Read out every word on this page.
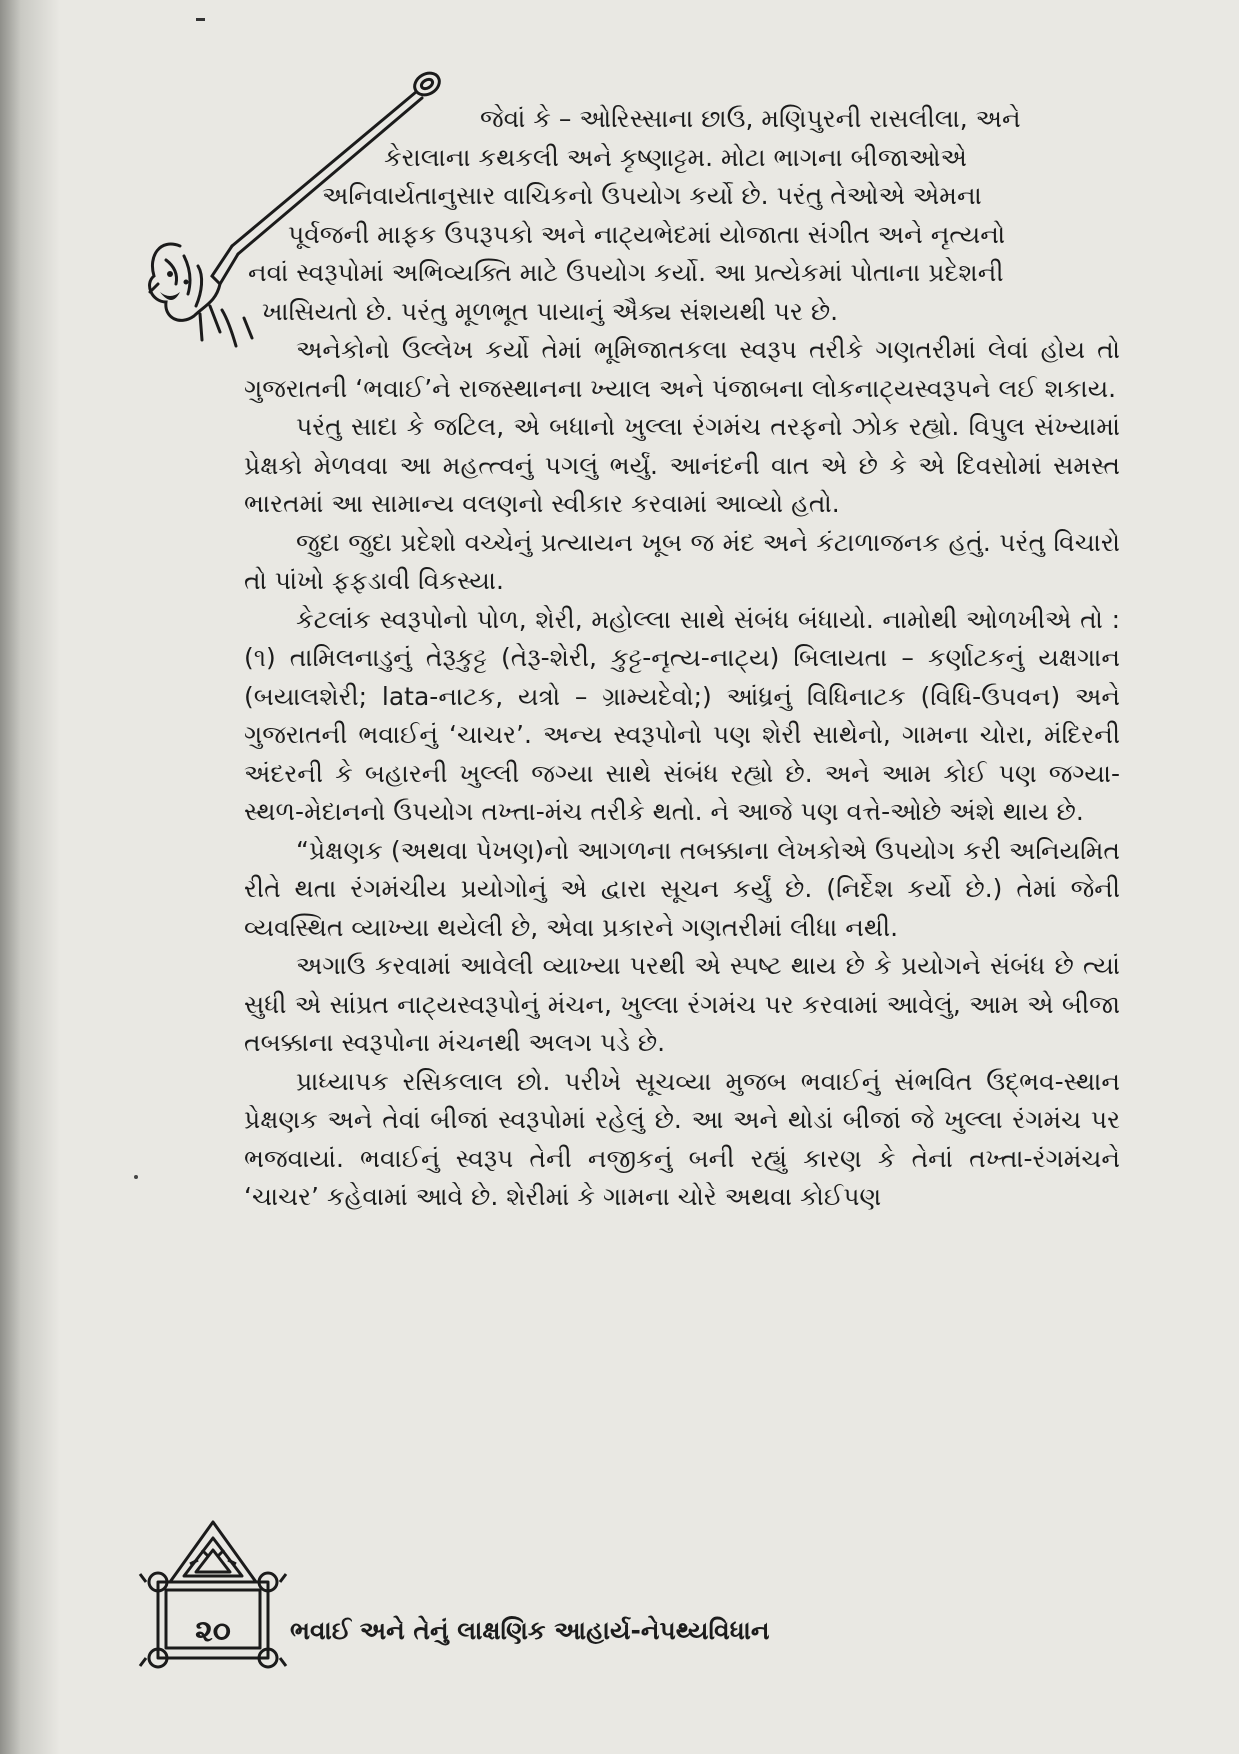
જેવાં કે – ઓરિસ્સાના છાઉ, મણિપુરની રાસલીલા, અને

કેરાલાના કથકલી અને કૃષ્ણાટ્ટમ. મોટા ભાગના બીજાઓએ

અનિવાર્યતાનુસાર વાચિકનો ઉપયોગ કર્યો છે. પરંતુ તેઓએ એમના

પૂર્વજની માફક ઉપરૂપકો અને નાટ્યભેદમાં યોજાતા સંગીત અને નૃત્યનો

નવાં સ્વરૂપોમાં અભિવ્યક્તિ માટે ઉપયોગ કર્યો. આ પ્રત્યેકમાં પોતાના પ્રદેશની

ખાસિયતો છે. પરંતુ મૂળભૂત પાયાનું ઐક્ય સંશયથી પર છે.

અનેકોનો ઉલ્લેખ કર્યો તેમાં ભૂમિજાતકલા સ્વરૂપ તરીકે ગણતરીમાં લેવાં હોય તો ગુજરાતની ‘ભવાઈ’ને રાજસ્થાનના ખ્યાલ અને પંજાબના લોકનાટ્યસ્વરૂપને લઈ શકાય.

પરંતુ સાદા કે જટિલ, એ બધાનો ખુલ્લા રંગમંચ તરફનો ઝોક રહ્યો. વિપુલ સંખ્યામાં પ્રેક્ષકો મેળવવા આ મહત્ત્વનું પગલું ભર્યું. આનંદની વાત એ છે કે એ દિવસોમાં સમસ્ત ભારતમાં આ સામાન્ય વલણનો સ્વીકાર કરવામાં આવ્યો હતો.

જુદા જુદા પ્રદેશો વચ્ચેનું પ્રત્યાયન ખૂબ જ મંદ અને કંટાળાજનક હતું. પરંતુ વિચારો તો પાંખો ફફડાવી વિકસ્યા.

કેટલાંક સ્વરૂપોનો પોળ, શેરી, મહોલ્લા સાથે સંબંધ બંધાયો. નામોથી ઓળખીએ તો : (૧) તામિલનાડુનું તેરૂકુટ્ટ (તેરૂ-શેરી, કુટ્ટ-નૃત્ય-નાટ્ય) બિલાયતા – કર્ણાટકનું યક્ષગાન (બયાલશેરી; lata-નાટક, યત્રો – ગ્રામ્યદેવો;) આંધ્રનું વિધિનાટક (વિધિ-ઉપવન) અને ગુજરાતની ભવાઈનું ‘ચાચર’. અન્ય સ્વરૂપોનો પણ શેરી સાથેનો, ગામના ચોરા, મંદિરની અંદરની કે બહારની ખુલ્લી જગ્યા સાથે સંબંધ રહ્યો છે. અને આમ કોઈ પણ જગ્યા-સ્થળ-મેદાનનો ઉપયોગ તખ્તા-મંચ તરીકે થતો. ને આજે પણ વત્તે-ઓછે અંશે થાય છે.

“પ્રેક્ષણક (અથવા પેખણ)નો આગળના તબક્કાના લેખકોએ ઉપયોગ કરી અનિયમિત રીતે થતા રંગમંચીય પ્રયોગોનું એ દ્વારા સૂચન કર્યું છે. (નિર્દેશ કર્યો છે.) તેમાં જેની વ્યવસ્થિત વ્યાખ્યા થયેલી છે, એવા પ્રકારને ગણતરીમાં લીધા નથી.

અગાઉ કરવામાં આવેલી વ્યાખ્યા પરથી એ સ્પષ્ટ થાય છે કે પ્રયોગને સંબંધ છે ત્યાં સુધી એ સાંપ્રત નાટ્યસ્વરૂપોનું મંચન, ખુલ્લા રંગમંચ પર કરવામાં આવેલું, આમ એ બીજા તબક્કાના સ્વરૂપોના મંચનથી અલગ પડે છે.

પ્રાધ્યાપક રસિકલાલ છો. પરીખે સૂચવ્યા મુજબ ભવાઈનું સંભવિત ઉદ્ભવ-સ્થાન પ્રેક્ષણક અને તેવાં બીજાં સ્વરૂપોમાં રહેલું છે. આ અને થોડાં બીજાં જે ખુલ્લા રંગમંચ પર ભજવાયાં. ભવાઈનું સ્વરૂપ તેની નજીકનું બની રહ્યું કારણ કે તેનાં તખ્તા-રંગમંચને ‘ચાચર’ કહેવામાં આવે છે. શેરીમાં કે ગામના ચોરે અથવા કોઈપણ

૨૦	ભવાઈ અને તેનું લાક્ષણિક આહાર્ય-નેપથ્યવિધાન
